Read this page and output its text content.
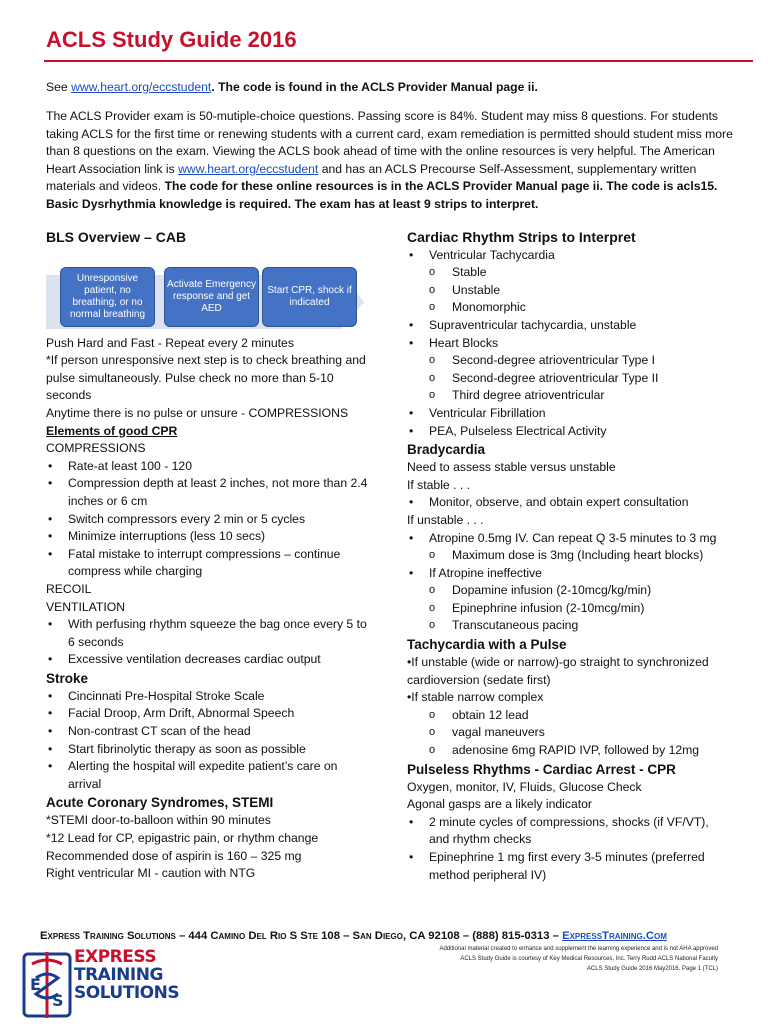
ACLS Study Guide 2016
See www.heart.org/eccstudent. The code is found in the ACLS Provider Manual page ii.
The ACLS Provider exam is 50-mutiple-choice questions. Passing score is 84%. Student may miss 8 questions. For students taking ACLS for the first time or renewing students with a current card, exam remediation is permitted should student miss more than 8 questions on the exam. Viewing the ACLS book ahead of time with the online resources is very helpful. The American Heart Association link is www.heart.org/eccstudent and has an ACLS Precourse Self-Assessment, supplementary written materials and videos. The code for these online resources is in the ACLS Provider Manual page ii. The code is acls15. Basic Dysrhythmia knowledge is required. The exam has at least 9 strips to interpret.
BLS Overview – CAB
Unresponsive patient, no breathing, or no normal breathing
Activate Emergency response and get AED
Start CPR, shock if indicated
Push Hard and Fast - Repeat every 2 minutes
*If person unresponsive next step is to check breathing and pulse simultaneously. Pulse check no more than 5-10 seconds
Anytime there is no pulse or unsure - COMPRESSIONS
Elements of good CPR
COMPRESSIONS
• Rate-at least 100 - 120
• Compression depth at least 2 inches, not more than 2.4 inches or 6 cm
• Switch compressors every 2 min or 5 cycles
• Minimize interruptions (less 10 secs)
• Fatal mistake to interrupt compressions – continue compress while charging
RECOIL
VENTILATION
• With perfusing rhythm squeeze the bag once every 5 to 6 seconds
• Excessive ventilation decreases cardiac output
Stroke
• Cincinnati Pre-Hospital Stroke Scale
• Facial Droop, Arm Drift, Abnormal Speech
• Non-contrast CT scan of the head
• Start fibrinolytic therapy as soon as possible
• Alerting the hospital will expedite patient’s care on arrival
Acute Coronary Syndromes, STEMI
*STEMI door-to-balloon within 90 minutes
*12 Lead for CP, epigastric pain, or rhythm change
Recommended dose of aspirin is 160 – 325 mg
Right ventricular MI - caution with NTG
Cardiac Rhythm Strips to Interpret
• Ventricular Tachycardia
o Stable
o Unstable
o Monomorphic
• Supraventricular tachycardia, unstable
• Heart Blocks
o Second-degree atrioventricular Type I
o Second-degree atrioventricular Type II
o Third degree atrioventricular
• Ventricular Fibrillation
• PEA, Pulseless Electrical Activity
Bradycardia
Need to assess stable versus unstable
If stable . . .
• Monitor, observe, and obtain expert consultation
If unstable . . .
• Atropine 0.5mg IV. Can repeat Q 3-5 minutes to 3 mg
o Maximum dose is 3mg (Including heart blocks)
• If Atropine ineffective
o Dopamine infusion (2-10mcg/kg/min)
o Epinephrine infusion (2-10mcg/min)
o Transcutaneous pacing
Tachycardia with a Pulse
•If unstable (wide or narrow)-go straight to synchronized cardioversion (sedate first)
•If stable narrow complex
o obtain 12 lead
o vagal maneuvers
o adenosine 6mg RAPID IVP, followed by 12mg
Pulseless Rhythms - Cardiac Arrest - CPR
Oxygen, monitor, IV, Fluids, Glucose Check
Agonal gasps are a likely indicator
• 2 minute cycles of compressions, shocks (if VF/VT), and rhythm checks
• Epinephrine 1 mg first every 3-5 minutes (preferred method peripheral IV)
Express Training Solutions – 444 Camino Del Rio S Ste 108 – San Diego, CA 92108 – (888) 815-0313 – ExpressTraining.Com
Additional material created to enhance and supplement the learning experience and is not AHA approved
ACLS Study Guide is courtesy of Key Medical Resources, Inc. Terry Rudd ACLS National Faculty
ACLS Study Guide 2016 May2016, Page 1 (TCL)
E
S
EXPRESS
TRAINING
SOLUTIONS
